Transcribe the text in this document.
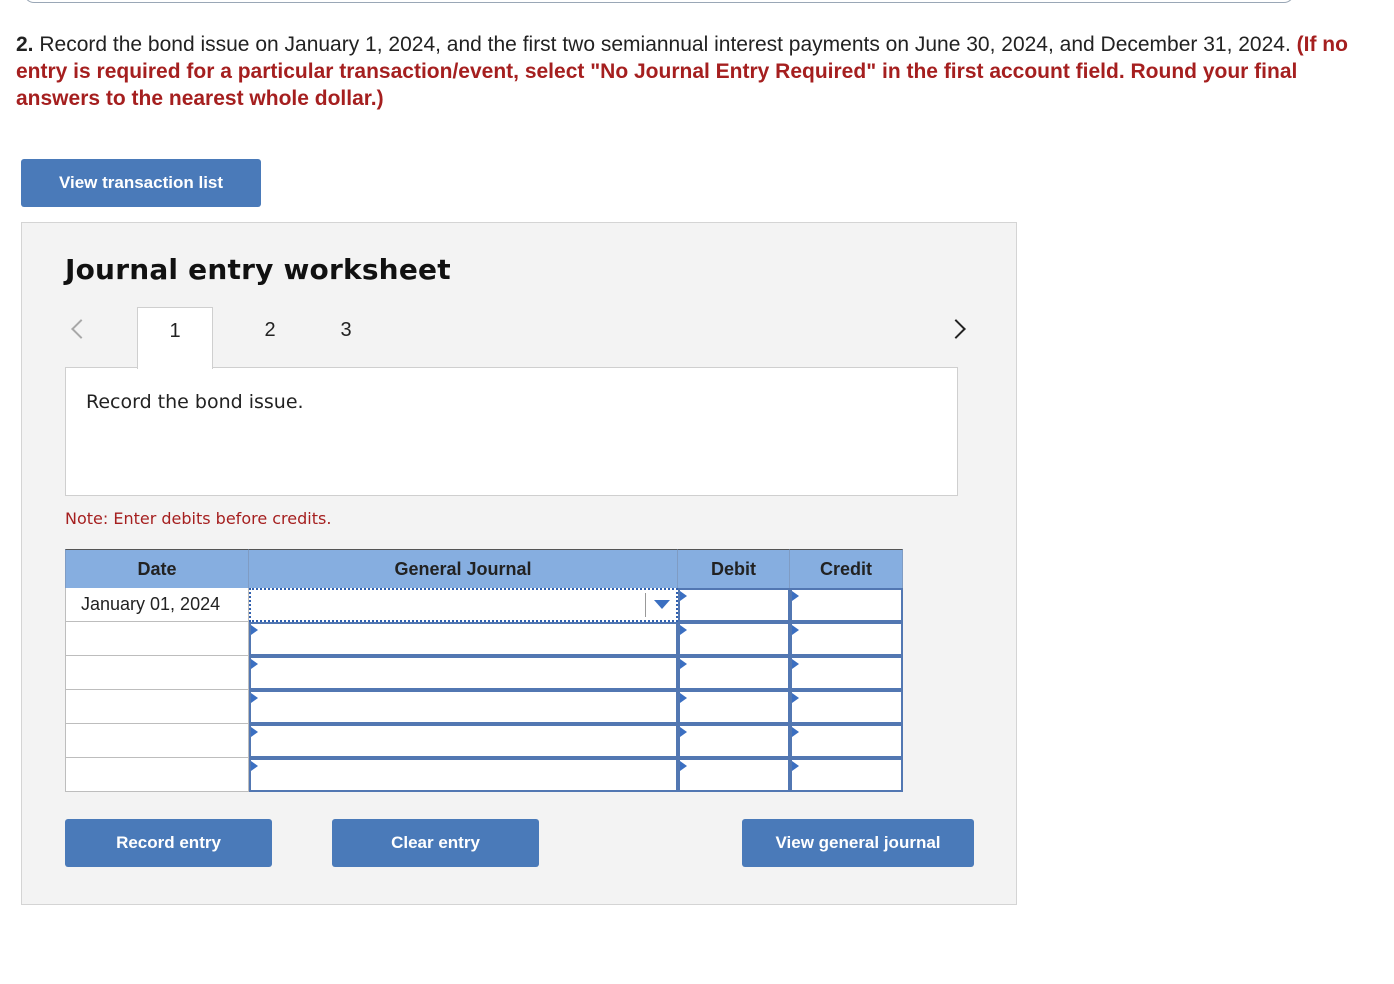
2. Record the bond issue on January 1, 2024, and the first two semiannual interest payments on June 30, 2024, and December 31, 2024. (If no entry is required for a particular transaction/event, select "No Journal Entry Required" in the first account field. Round your final answers to the nearest whole dollar.)
View transaction list
Journal entry worksheet
1	2	3
Record the bond issue.
Note: Enter debits before credits.
Date	General Journal	Debit	Credit
January 01, 2024
Record entry	Clear entry	View general journal
